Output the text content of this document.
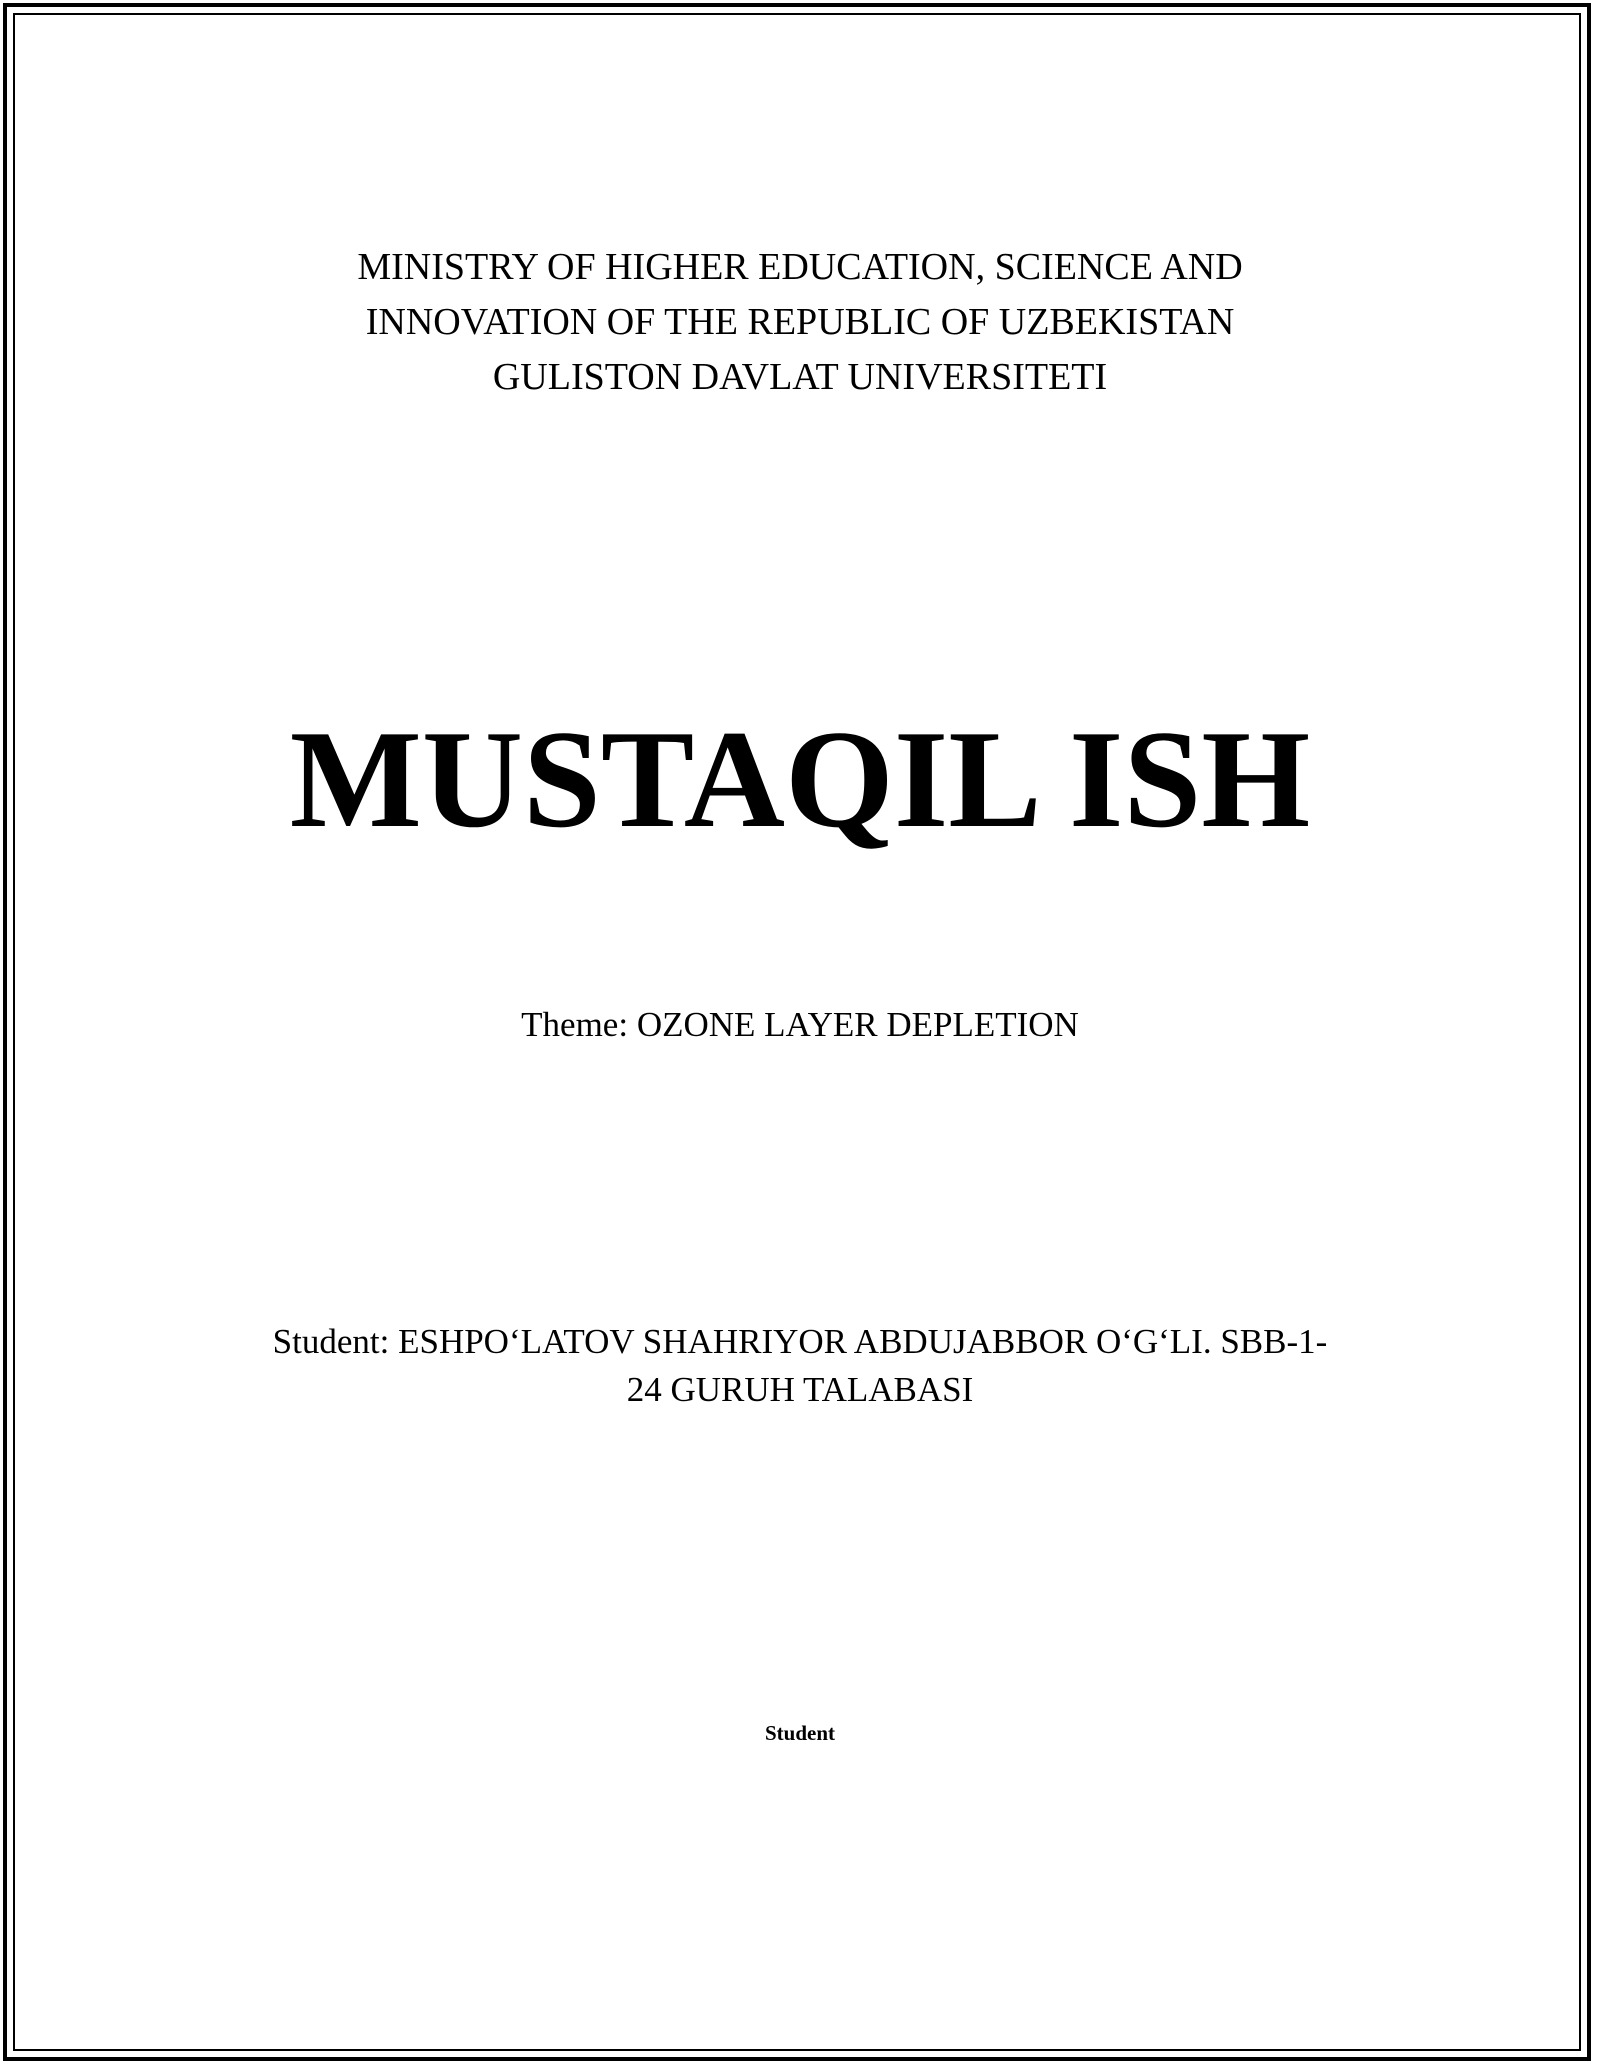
MINISTRY OF HIGHER EDUCATION, SCIENCE AND
INNOVATION OF THE REPUBLIC OF UZBEKISTAN
GULISTON DAVLAT UNIVERSITETI
MUSTAQIL ISH
Theme: OZONE LAYER DEPLETION
Student: ESHPO‘LATOV SHAHRIYOR ABDUJABBOR O‘G‘LI. SBB-1-
24 GURUH TALABASI
Student
